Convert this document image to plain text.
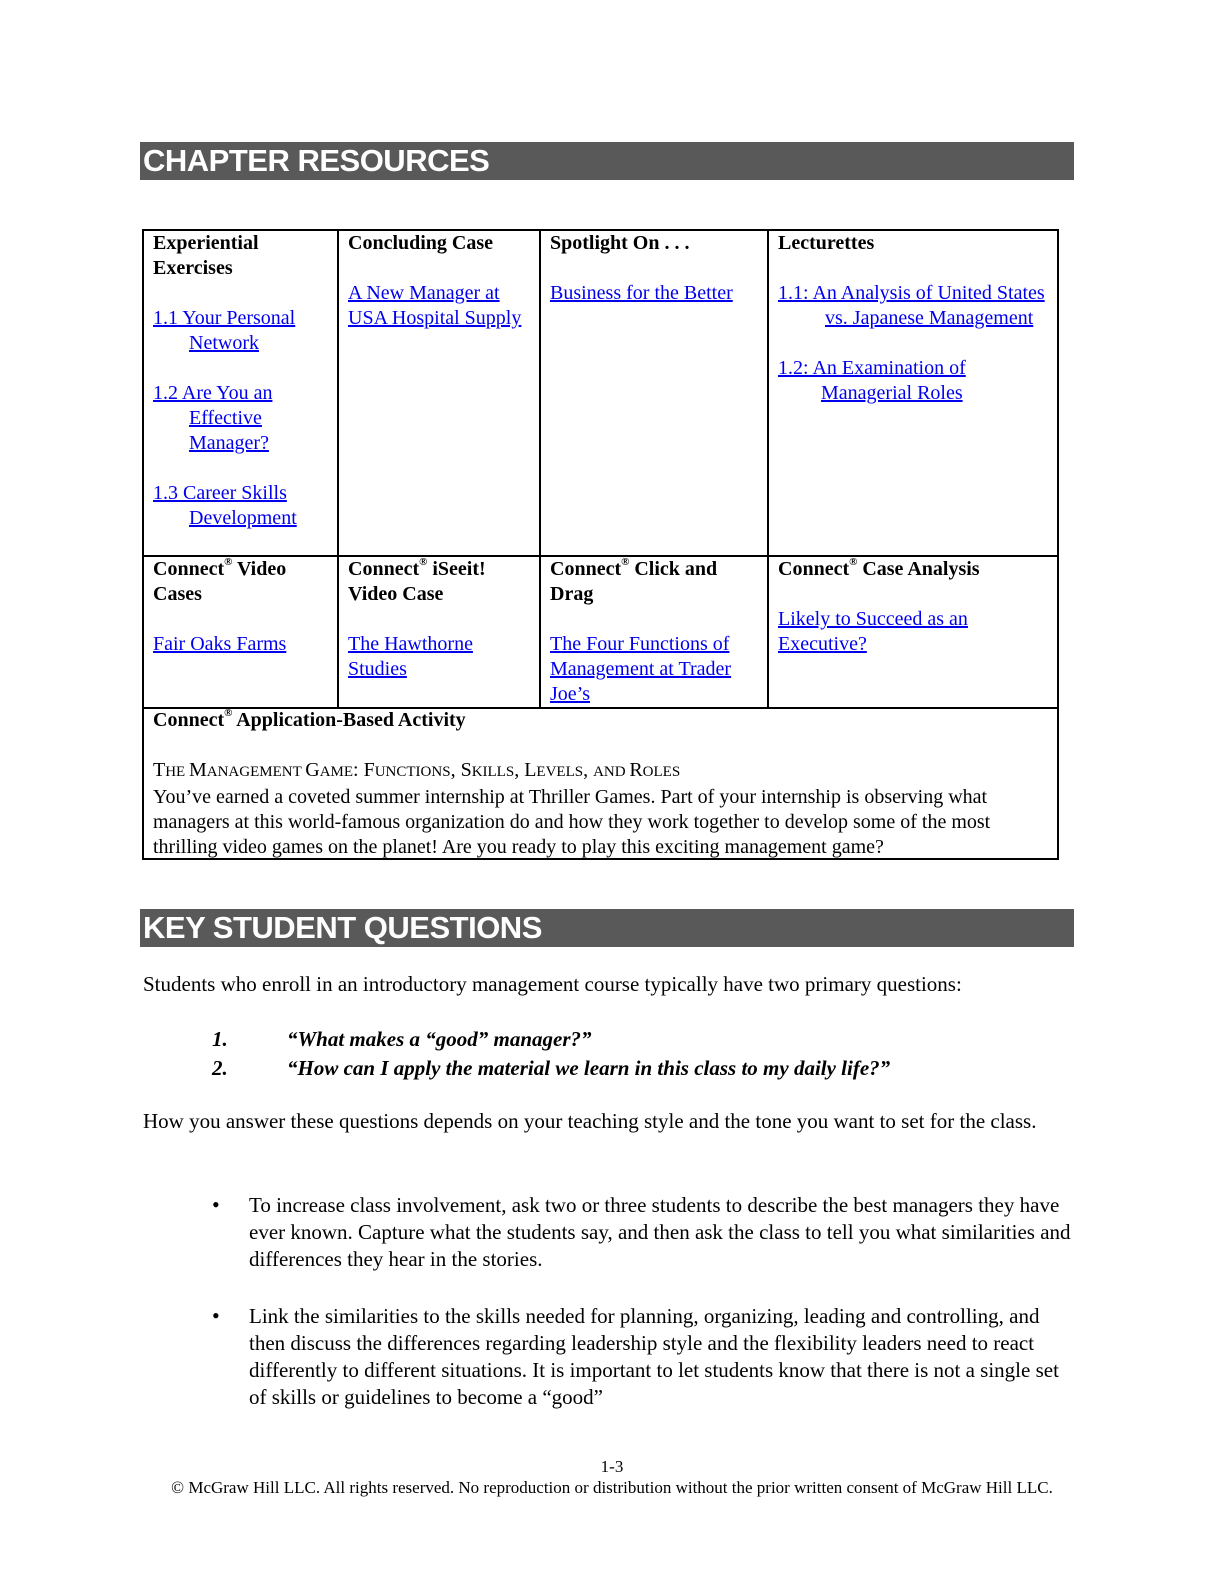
CHAPTER RESOURCES
Experiential Exercises
1.1 Your Personal Network
1.2 Are You an Effective Manager?
1.3 Career Skills Development
Concluding Case
A New Manager at USA Hospital Supply
Spotlight On . . .
Business for the Better
Lecturettes
1.1: An Analysis of United States vs. Japanese Management
1.2: An Examination of Managerial Roles
Connect® Video Cases
Fair Oaks Farms
Connect® iSeeit! Video Case
The Hawthorne Studies
Connect® Click and Drag
The Four Functions of Management at Trader Joe’s
Connect® Case Analysis
Likely to Succeed as an Executive?
Connect® Application-Based Activity
THE MANAGEMENT GAME: FUNCTIONS, SKILLS, LEVELS, AND ROLES
You’ve earned a coveted summer internship at Thriller Games. Part of your internship is observing what managers at this world-famous organization do and how they work together to develop some of the most thrilling video games on the planet! Are you ready to play this exciting management game?
KEY STUDENT QUESTIONS
Students who enroll in an introductory management course typically have two primary questions:
1.	“What makes a “good” manager?”
2.	“How can I apply the material we learn in this class to my daily life?”
How you answer these questions depends on your teaching style and the tone you want to set for the class.
• To increase class involvement, ask two or three students to describe the best managers they have ever known. Capture what the students say, and then ask the class to tell you what similarities and differences they hear in the stories.
• Link the similarities to the skills needed for planning, organizing, leading and controlling, and then discuss the differences regarding leadership style and the flexibility leaders need to react differently to different situations. It is important to let students know that there is not a single set of skills or guidelines to become a “good”
1-3
© McGraw Hill LLC. All rights reserved. No reproduction or distribution without the prior written consent of McGraw Hill LLC.
